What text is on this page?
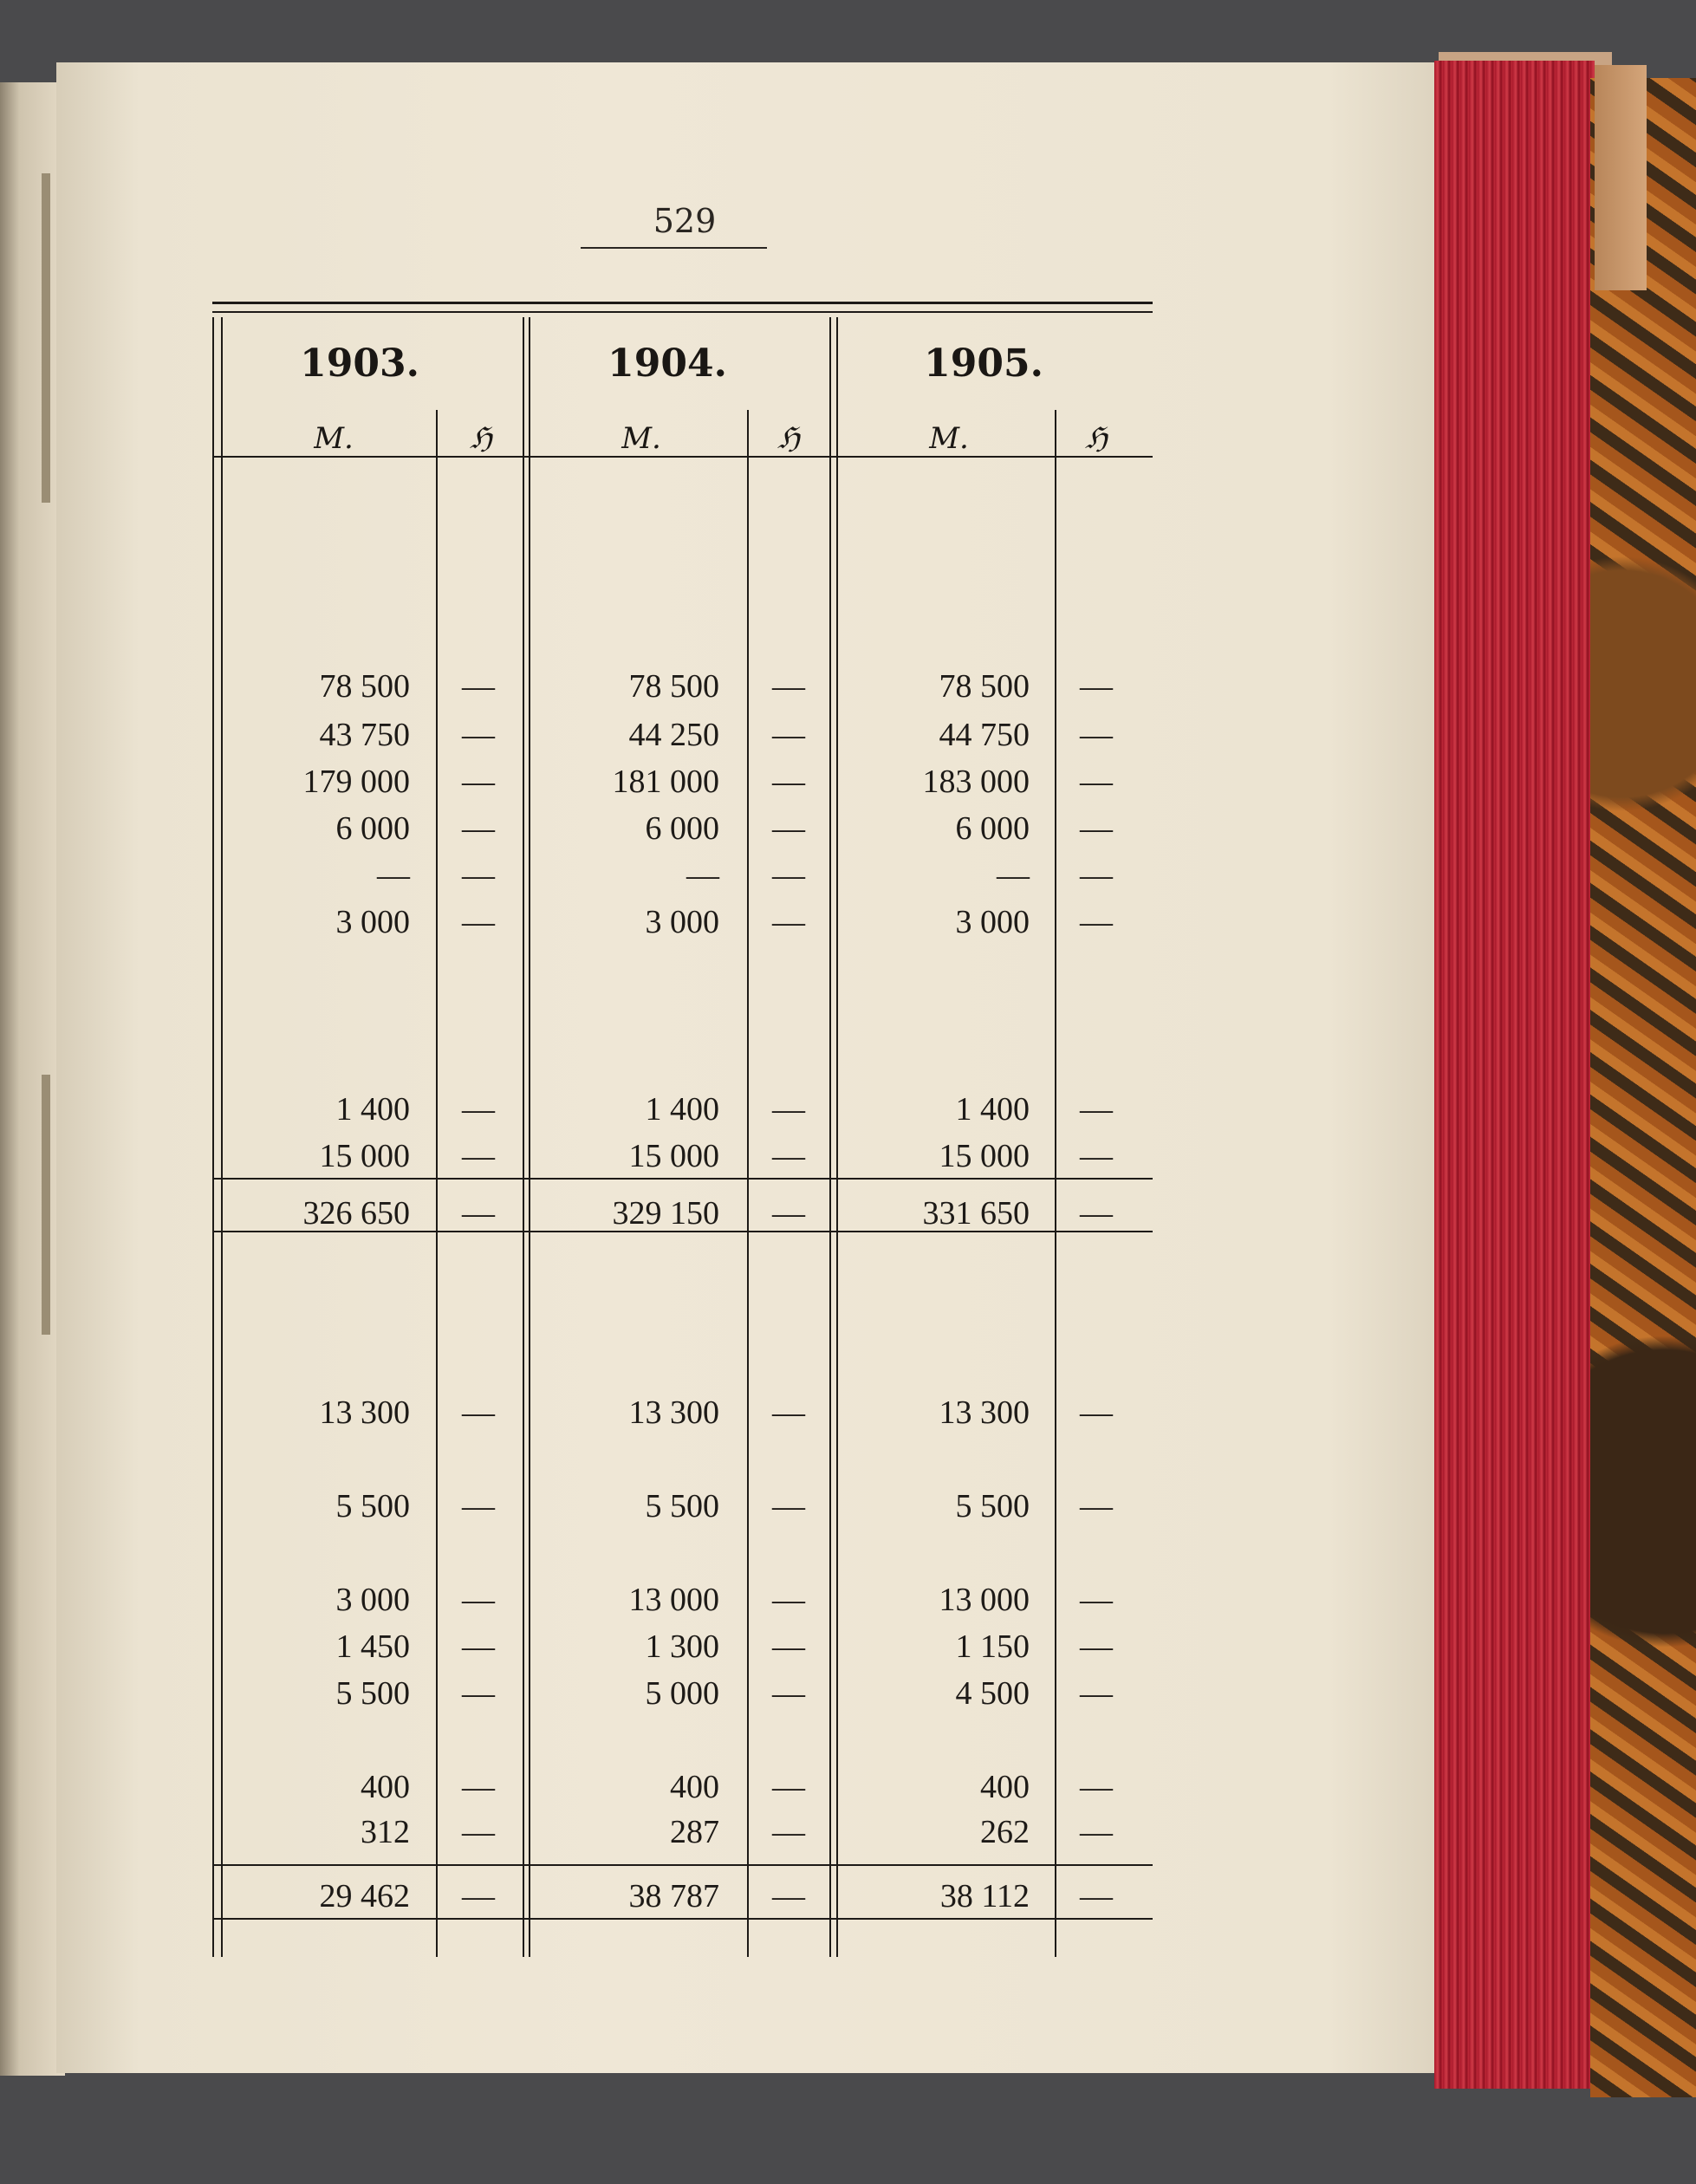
529
1903.	1904.	1905.
M.	ℌ	M.	ℌ	M.	ℌ
78 500	—	78 500	—	78 500	—
43 750	—	44 250	—	44 750	—
179 000	—	181 000	—	183 000	—
6 000	—	6 000	—	6 000	—
—	—	—	—	—	—
3 000	—	3 000	—	3 000	—
1 400	—	1 400	—	1 400	—
15 000	—	15 000	—	15 000	—
326 650	—	329 150	—	331 650	—
13 300	—	13 300	—	13 300	—
5 500	—	5 500	—	5 500	—
3 000	—	13 000	—	13 000	—
1 450	—	1 300	—	1 150	—
5 500	—	5 000	—	4 500	—
400	—	400	—	400	—
312	—	287	—	262	—
29 462	—	38 787	—	38 112	—
